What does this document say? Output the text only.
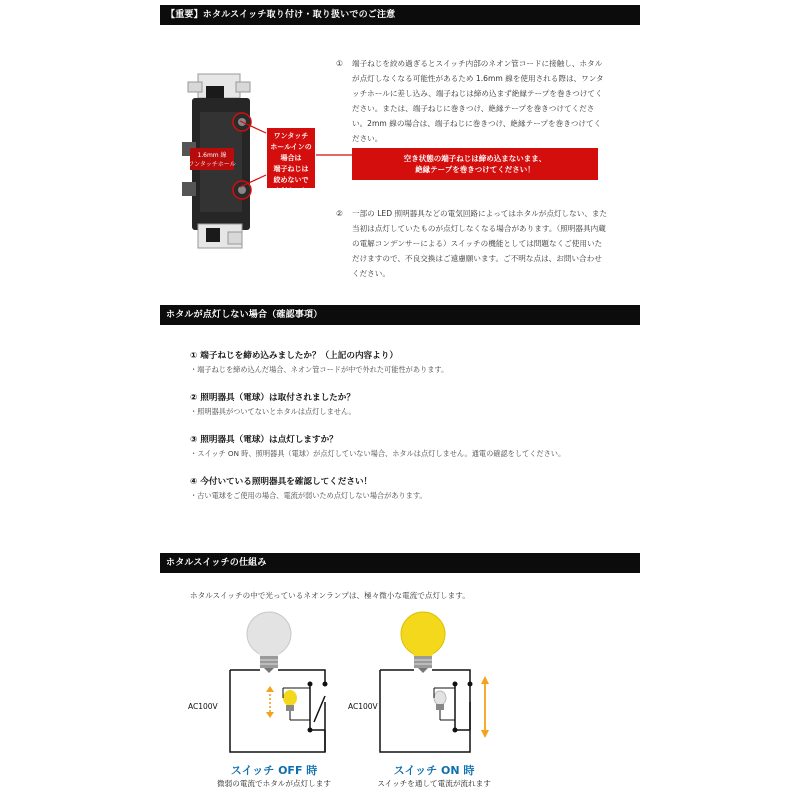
【重要】ホタルスイッチ取り付け・取り扱いでのご注意
1.6mm 線
ワンタッチホール
ワンタッチ
ホールインの
場合は
端子ねじは
絞めないで
ください！
①	端子ねじを絞め過ぎるとスイッチ内部のネオン管コードに接触し、ホタルが点灯しなくなる可能性があるため 1.6mm 線を使用される際は、ワンタッチホールに差し込み、端子ねじは締め込まず絶縁テープを巻きつけてください。または、端子ねじに巻きつけ、絶縁テープを巻きつけてください。2mm 線の場合は、端子ねじに巻きつけ、絶縁テープを巻きつけてください。
空き状態の端子ねじは締め込まないまま、
絶縁テープを巻きつけてください！
②	一部の LED 照明器具などの電気回路によってはホタルが点灯しない、また当初は点灯していたものが点灯しなくなる場合があります。（照明器具内蔵の電解コンデンサーによる）スイッチの機能としては問題なくご使用いただけますので、不良交換はご遠慮願います。ご不明な点は、お問い合わせください。
ホタルが点灯しない場合（確認事項）
① 端子ねじを締め込みましたか？（上記の内容より）
・端子ねじを締め込んだ場合、ネオン管コードが中で外れた可能性があります。
② 照明器具（電球）は取付されましたか？
・照明器具がついてないとホタルは点灯しません。
③ 照明器具（電球）は点灯しますか？
・スイッチ ON 時、照明器具（電球）が点灯していない場合、ホタルは点灯しません。通電の確認をしてください。
④ 今付いている照明器具を確認してください！
・古い電球をご使用の場合、電流が弱いため点灯しない場合があります。
ホタルスイッチの仕組み
ホタルスイッチの中で光っているネオンランプは、極々微小な電流で点灯します。
AC100V
スイッチ OFF 時
微弱の電流でホタルが点灯します
AC100V
スイッチ ON 時
スイッチを通して電流が流れます
